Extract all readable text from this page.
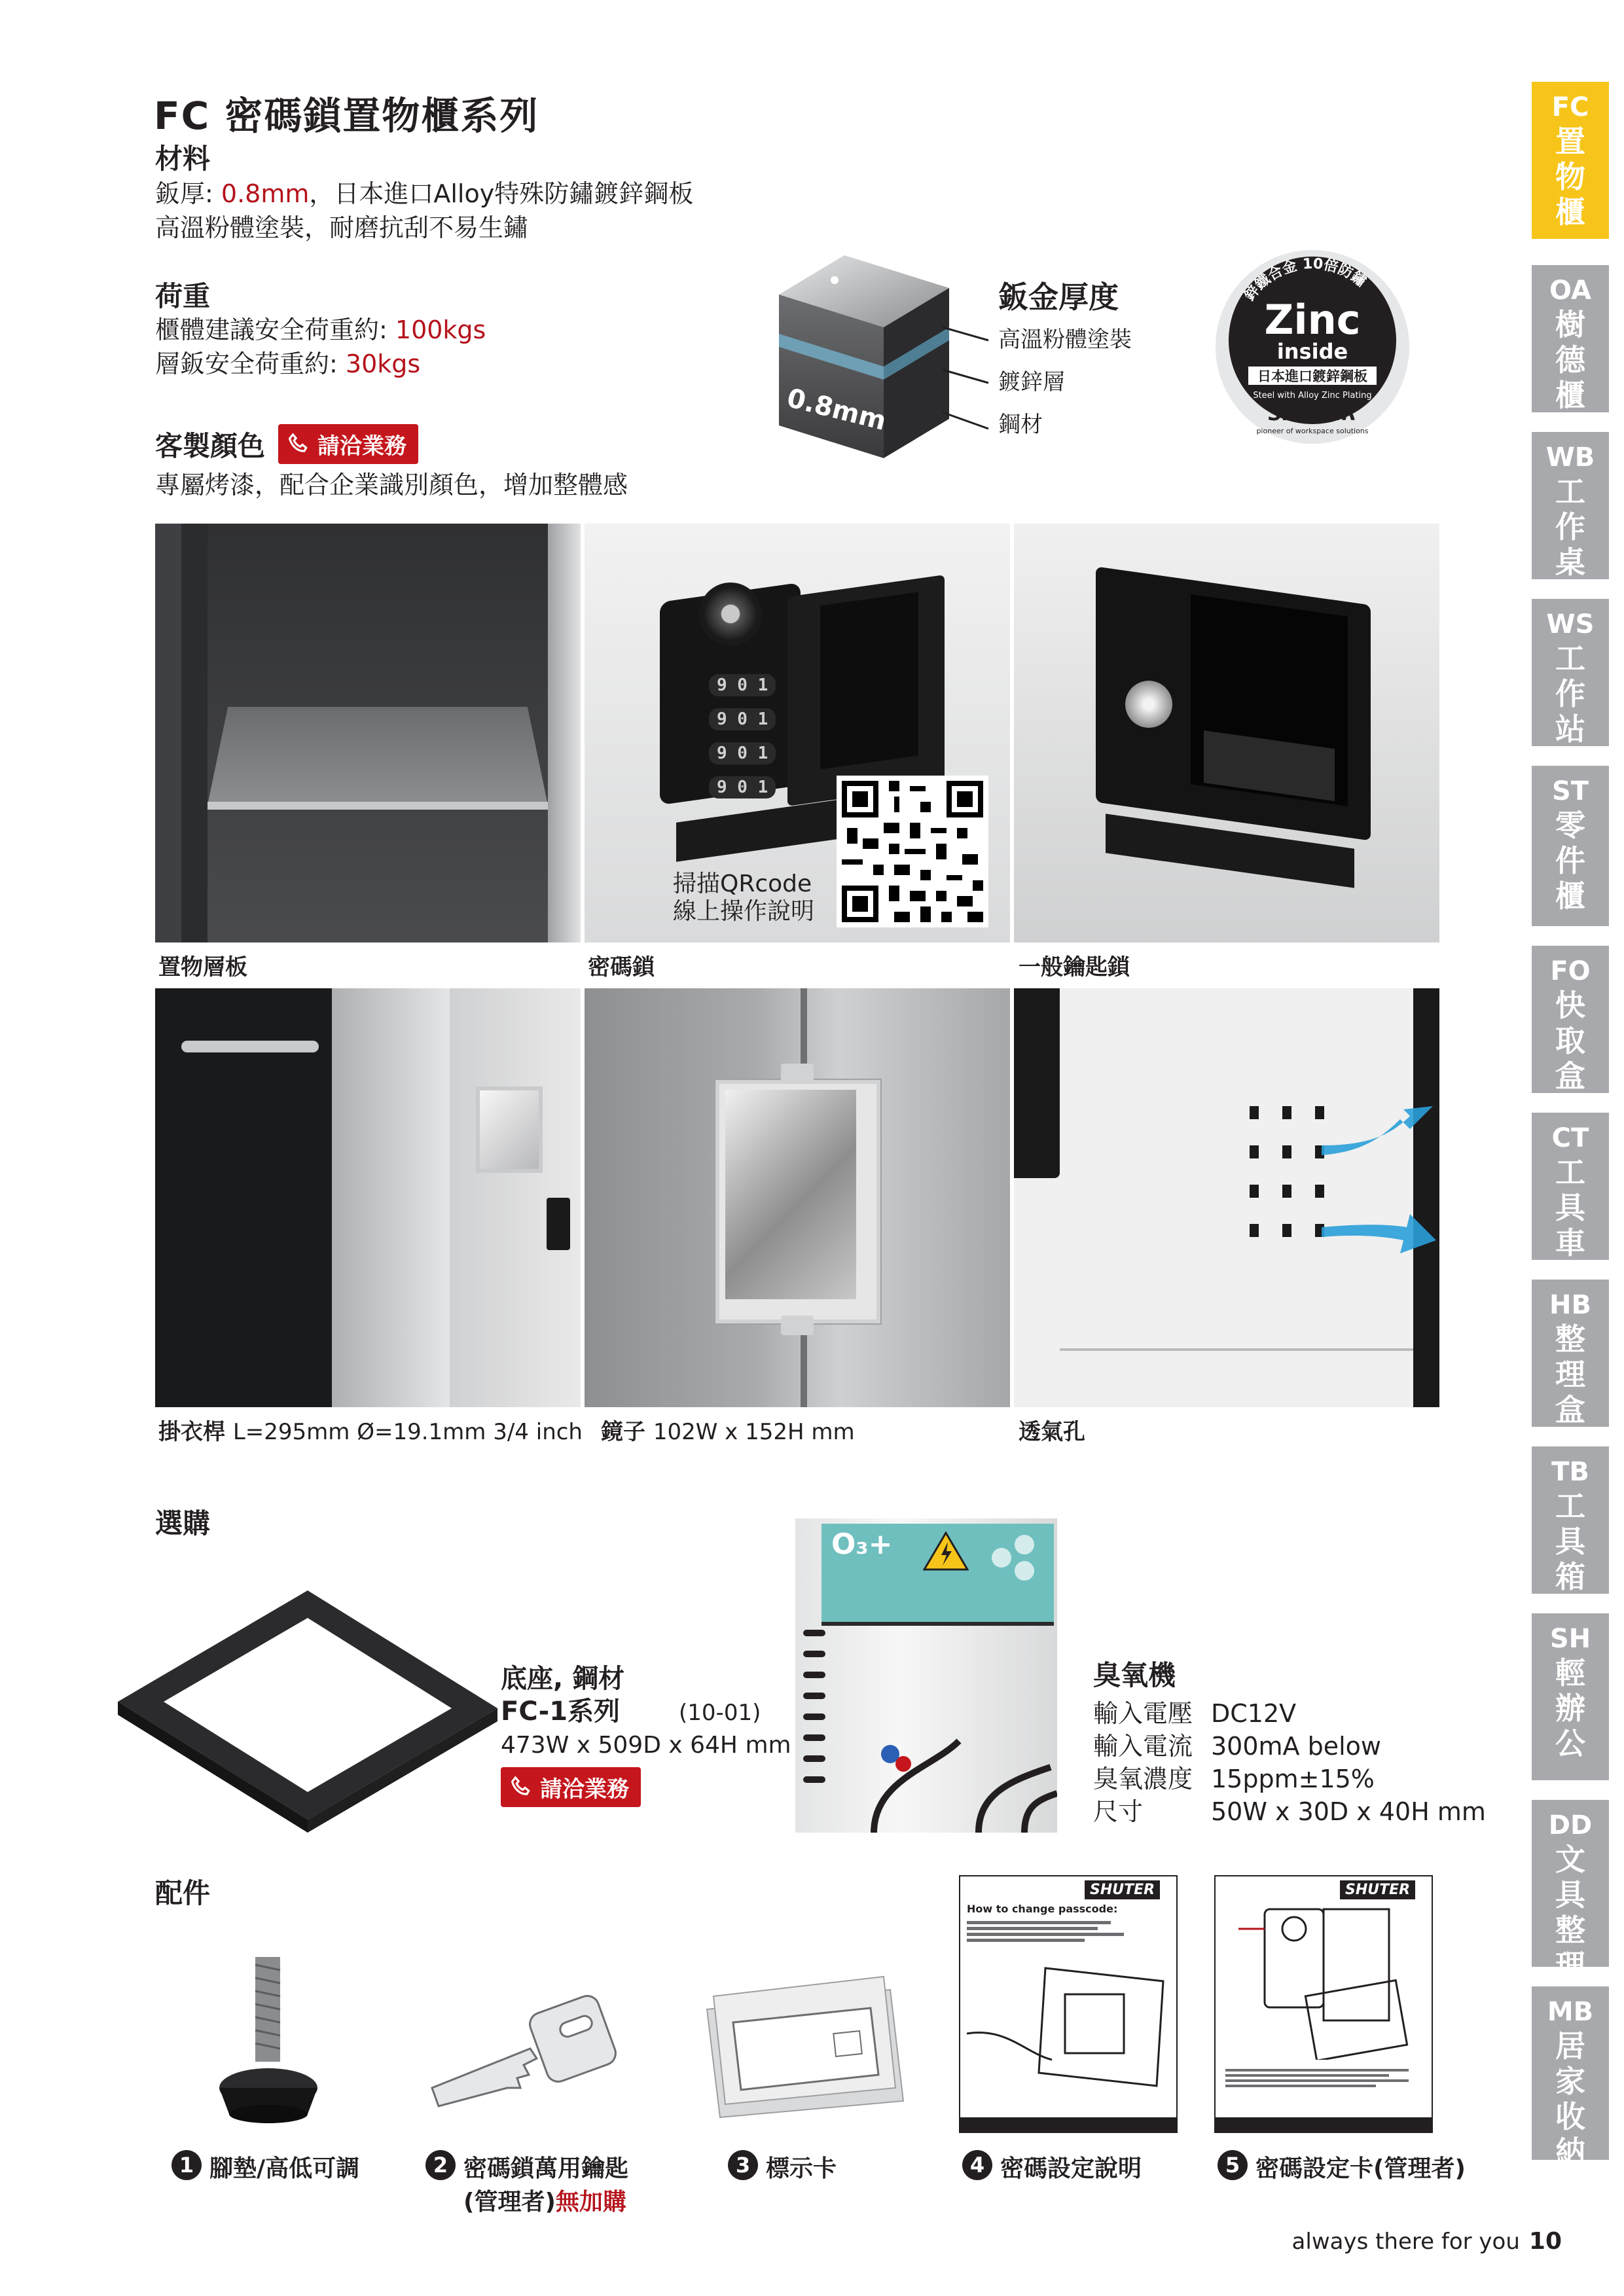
FC 密碼鎖置物櫃系列
材料
鈑厚: 0.8mm，日本進口Alloy特殊防鏽鍍鋅鋼板
高溫粉體塗裝，耐磨抗刮不易生鏽
荷重
櫃體建議安全荷重約: 100kgs
層鈑安全荷重約: 30kgs
客製顏色 請洽業務
專屬烤漆，配合企業識別顏色，增加整體感
0.8mm
鈑金厚度
高溫粉體塗裝
鍍鋅層
鋼材
鋅鐵合金 10倍防鏽
Zinc
inside
日本進口鍍鋅鋼板
Steel with Alloy Zinc Plating
SHUTER
pioneer of workspace solutions
9 0 1
9 0 1
9 0 1
9 0 1
掃描QRcode
線上操作說明
置物層板	密碼鎖	一般鑰匙鎖
掛衣桿 L=295mm Ø=19.1mm 3/4 inch 鏡子 102W x 152H mm	透氣孔
選購
底座, 鋼材
FC-1系列	(10-01)
473W x 509D x 64H mm
請洽業務
O₃+
臭氧機
輸入電壓 DC12V
輸入電流 300mA below
臭氧濃度 15ppm±15%
尺寸	50W x 30D x 40H mm
配件	SHUTER
How to change passcode:
SHUTER
1 腳墊/高低可調	2 密碼鎖萬用鑰匙
(管理者)無加購
3 標示卡	4 密碼設定說明	5 密碼設定卡(管理者)
FC
置
物
櫃
OA
樹
德
櫃
WB
工
作
桌
WS
工
作
站
ST
零
件
櫃
FO
快
取
盒
CT
工
具
車
HB
整
理
盒
TB
工
具
箱
SH
輕
辦
公
DD
文
具
整
理
MB
居
家
收
納
always there for you 10
